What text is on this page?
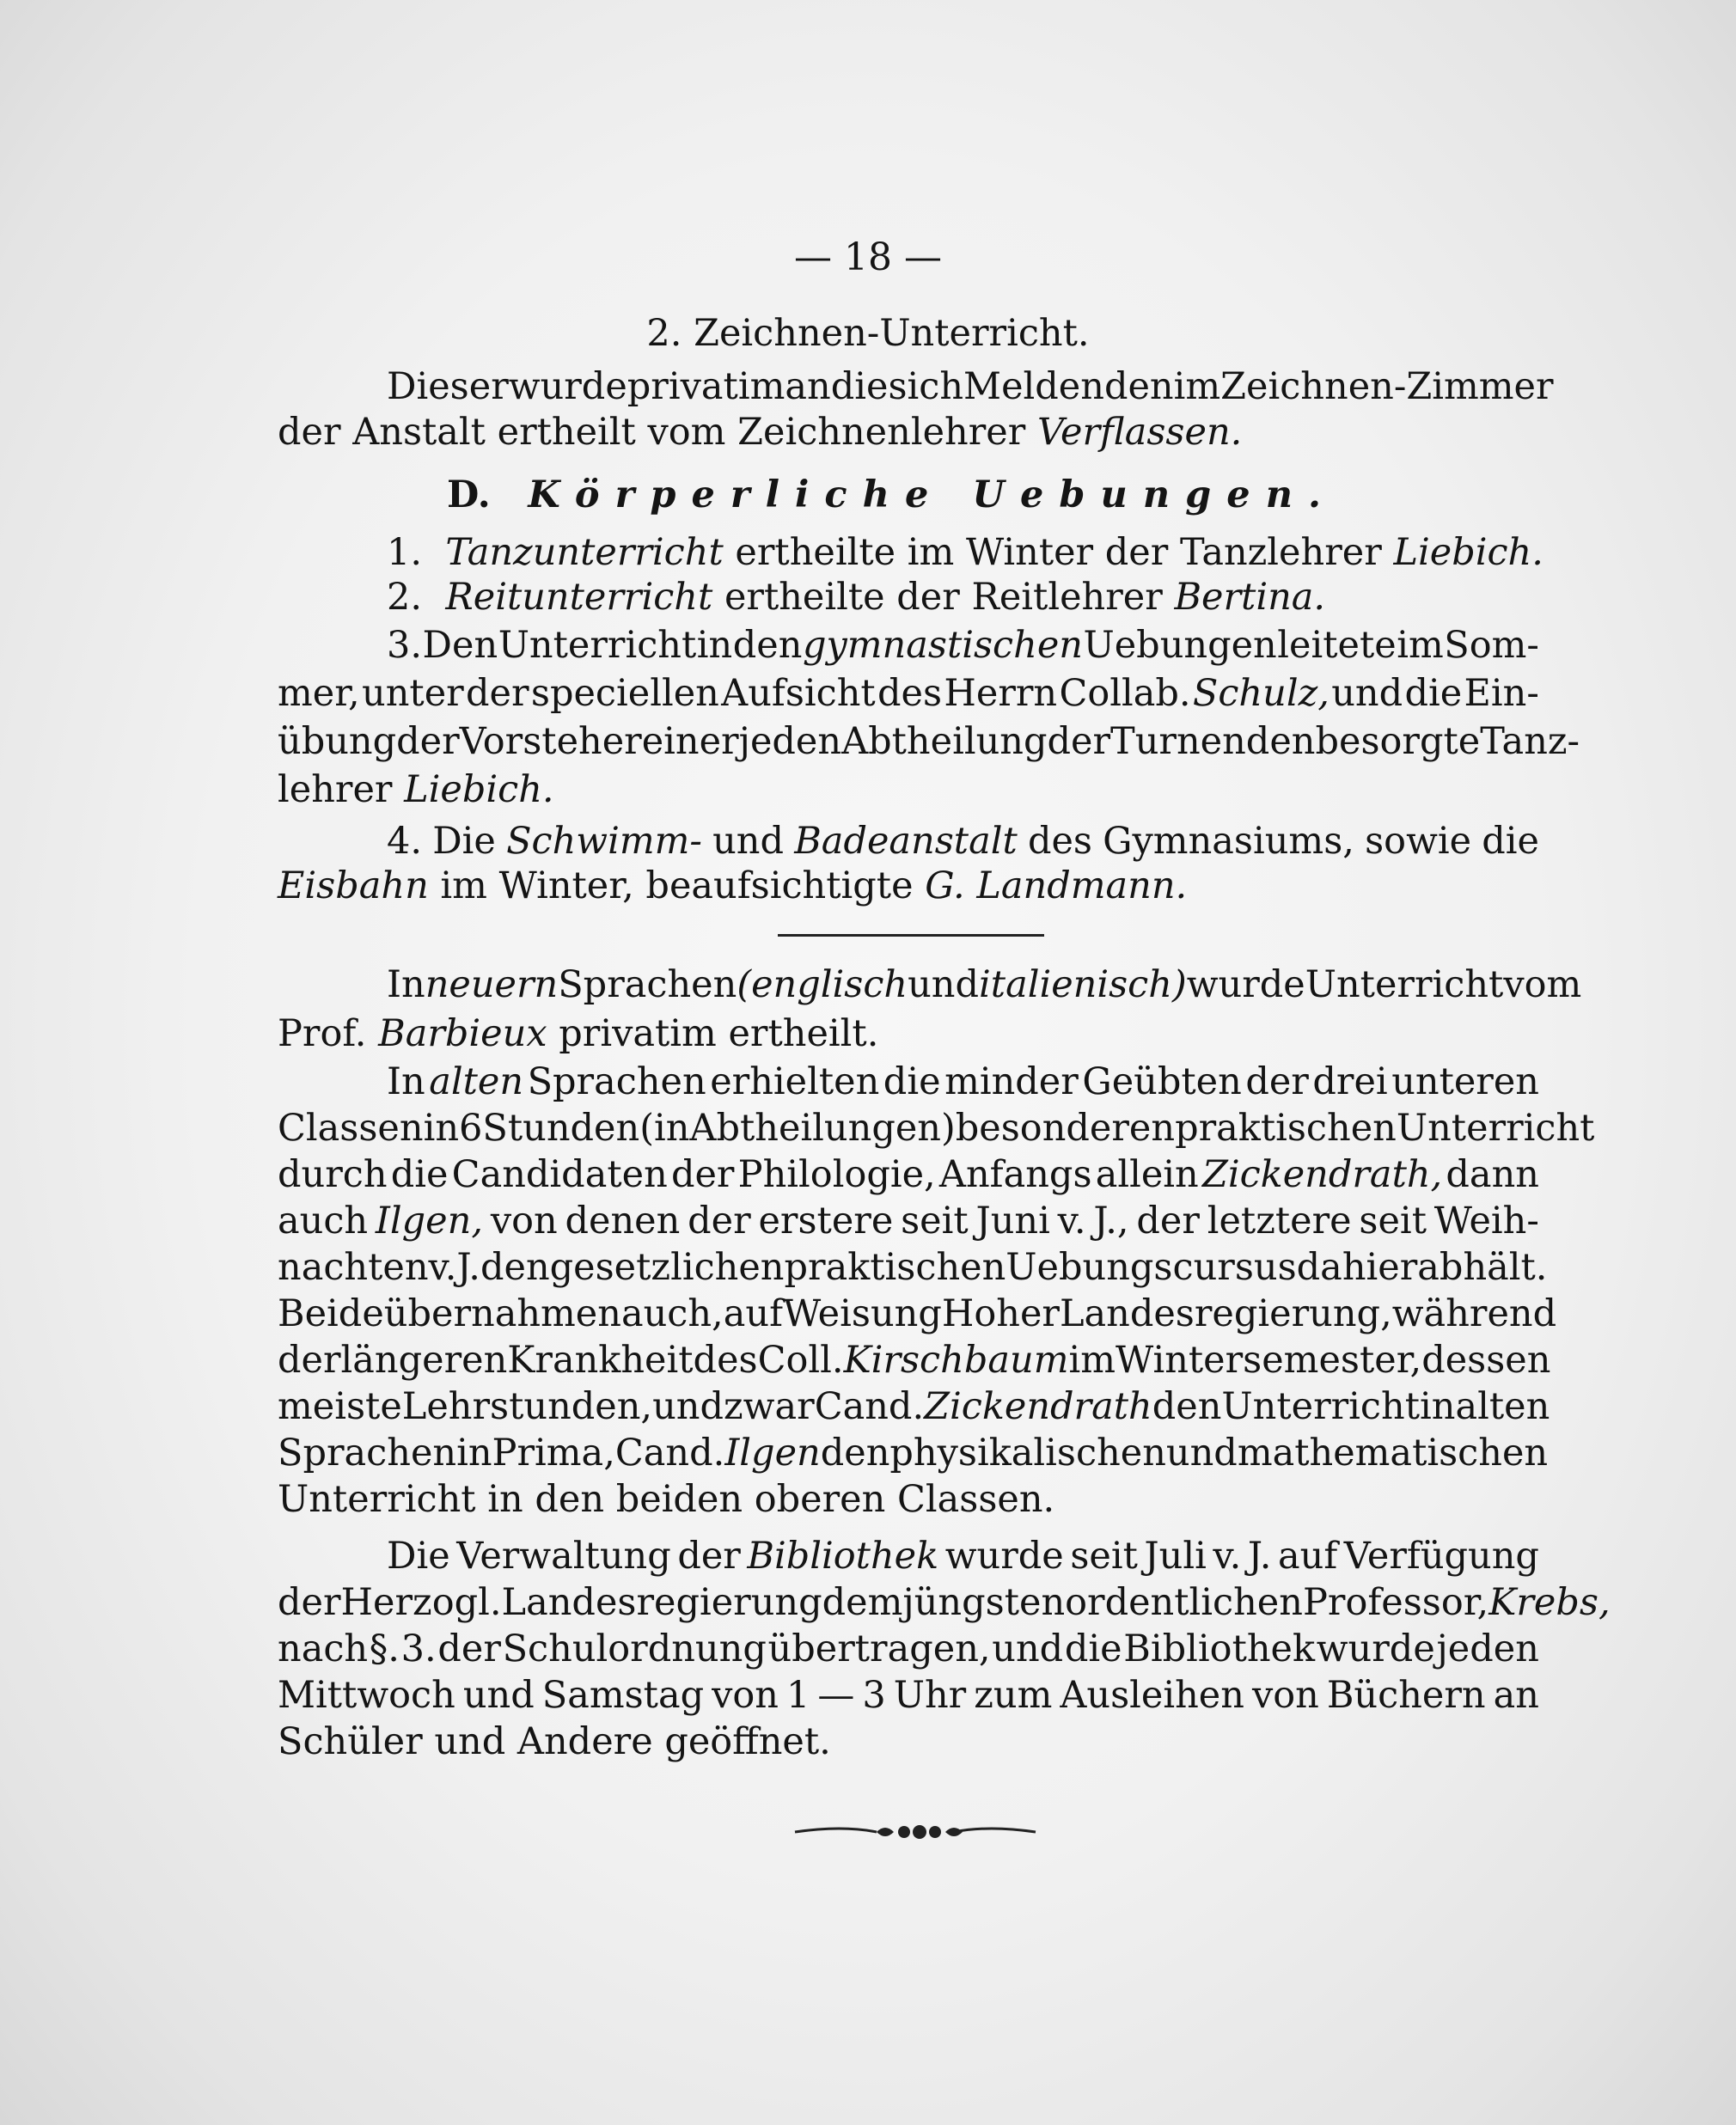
— 18 —
2. Zeichnen-Unterricht.
Dieser wurde privatim an die sich Meldenden im Zeichnen-Zimmer
der Anstalt ertheilt vom Zeichnenlehrer Verflassen.
D. Körperliche Uebungen.
1. Tanzunterricht ertheilte im Winter der Tanzlehrer Liebich.
2. Reitunterricht ertheilte der Reitlehrer Bertina.
3. Den Unterricht in den gymnastischen Uebungen leitete im Som-
mer, unter der speciellen Aufsicht des Herrn Collab. Schulz, und die Ein-
übung der Vorsteher einer jeden Abtheilung der Turnenden besorgte Tanz-
lehrer Liebich.
4. Die Schwimm- und Badeanstalt des Gymnasiums, sowie die
Eisbahn im Winter, beaufsichtigte G. Landmann.
In neuern Sprachen (englisch und italienisch) wurde Unterricht vom
Prof. Barbieux privatim ertheilt.
In alten Sprachen erhielten die minder Geübten der drei unteren
Classen in 6 Stunden (in Abtheilungen) besonderen praktischen Unterricht
durch die Candidaten der Philologie, Anfangs allein Zickendrath, dann
auch Ilgen, von denen der erstere seit Juni v. J., der letztere seit Weih-
nachten v. J. den gesetzlichen praktischen Uebungscursus dahier abhält.
Beide übernahmen auch, auf Weisung Hoher Landesregierung, während
der längeren Krankheit des Coll. Kirschbaum im Wintersemester, dessen
meiste Lehrstunden, und zwar Cand. Zickendrath den Unterricht in alten
Sprachen in Prima, Cand. Ilgen den physikalischen und mathematischen
Unterricht in den beiden oberen Classen.
Die Verwaltung der Bibliothek wurde seit Juli v. J. auf Verfügung
der Herzogl. Landesregierung dem jüngsten ordentlichen Professor, Krebs,
nach §. 3. der Schulordnung übertragen, und die Bibliothek wurde jeden
Mittwoch und Samstag von 1 — 3 Uhr zum Ausleihen von Büchern an
Schüler und Andere geöffnet.
